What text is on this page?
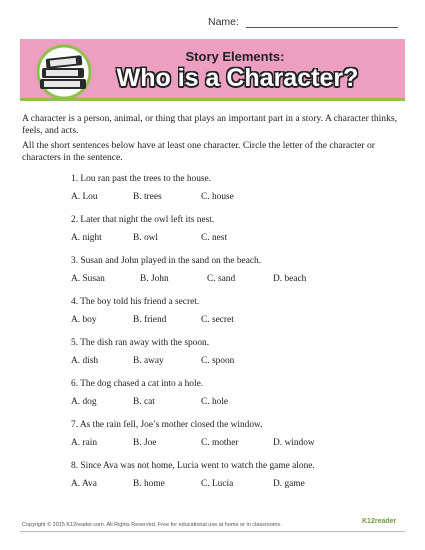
Name:
Story Elements:
Who is a Character?

A character is a person, animal, or thing that plays an important part in a story. A character thinks, feels, and acts.

All the short sentences below have at least one character. Circle the letter of the character or characters in the sentence.

1. Lou ran past the trees to the house.
A. Lou	B. trees	C. house
2. Later that night the owl left its nest.
A. night	B. owl	C. nest
3. Susan and John played in the sand on the beach.
A. Susan	B. John	C. sand	D. beach
4. The boy told his friend a secret.
A. boy	B. friend	C. secret
5. The dish ran away with the spoon.
A. dish	B. away	C. spoon
6. The dog chased a cat into a hole.
A. dog	B. cat	C. hole
7. As the rain fell, Joe’s mother closed the window.
A. rain	B. Joe	C. mother	D. window
8. Since Ava was not home, Lucia went to watch the game alone.
A. Ava	B. home	C. Lucia	D. game
Copyright © 2015 K12reader.com. All Rights Reserved. Free for educational use at home or in classrooms.	K12reader
